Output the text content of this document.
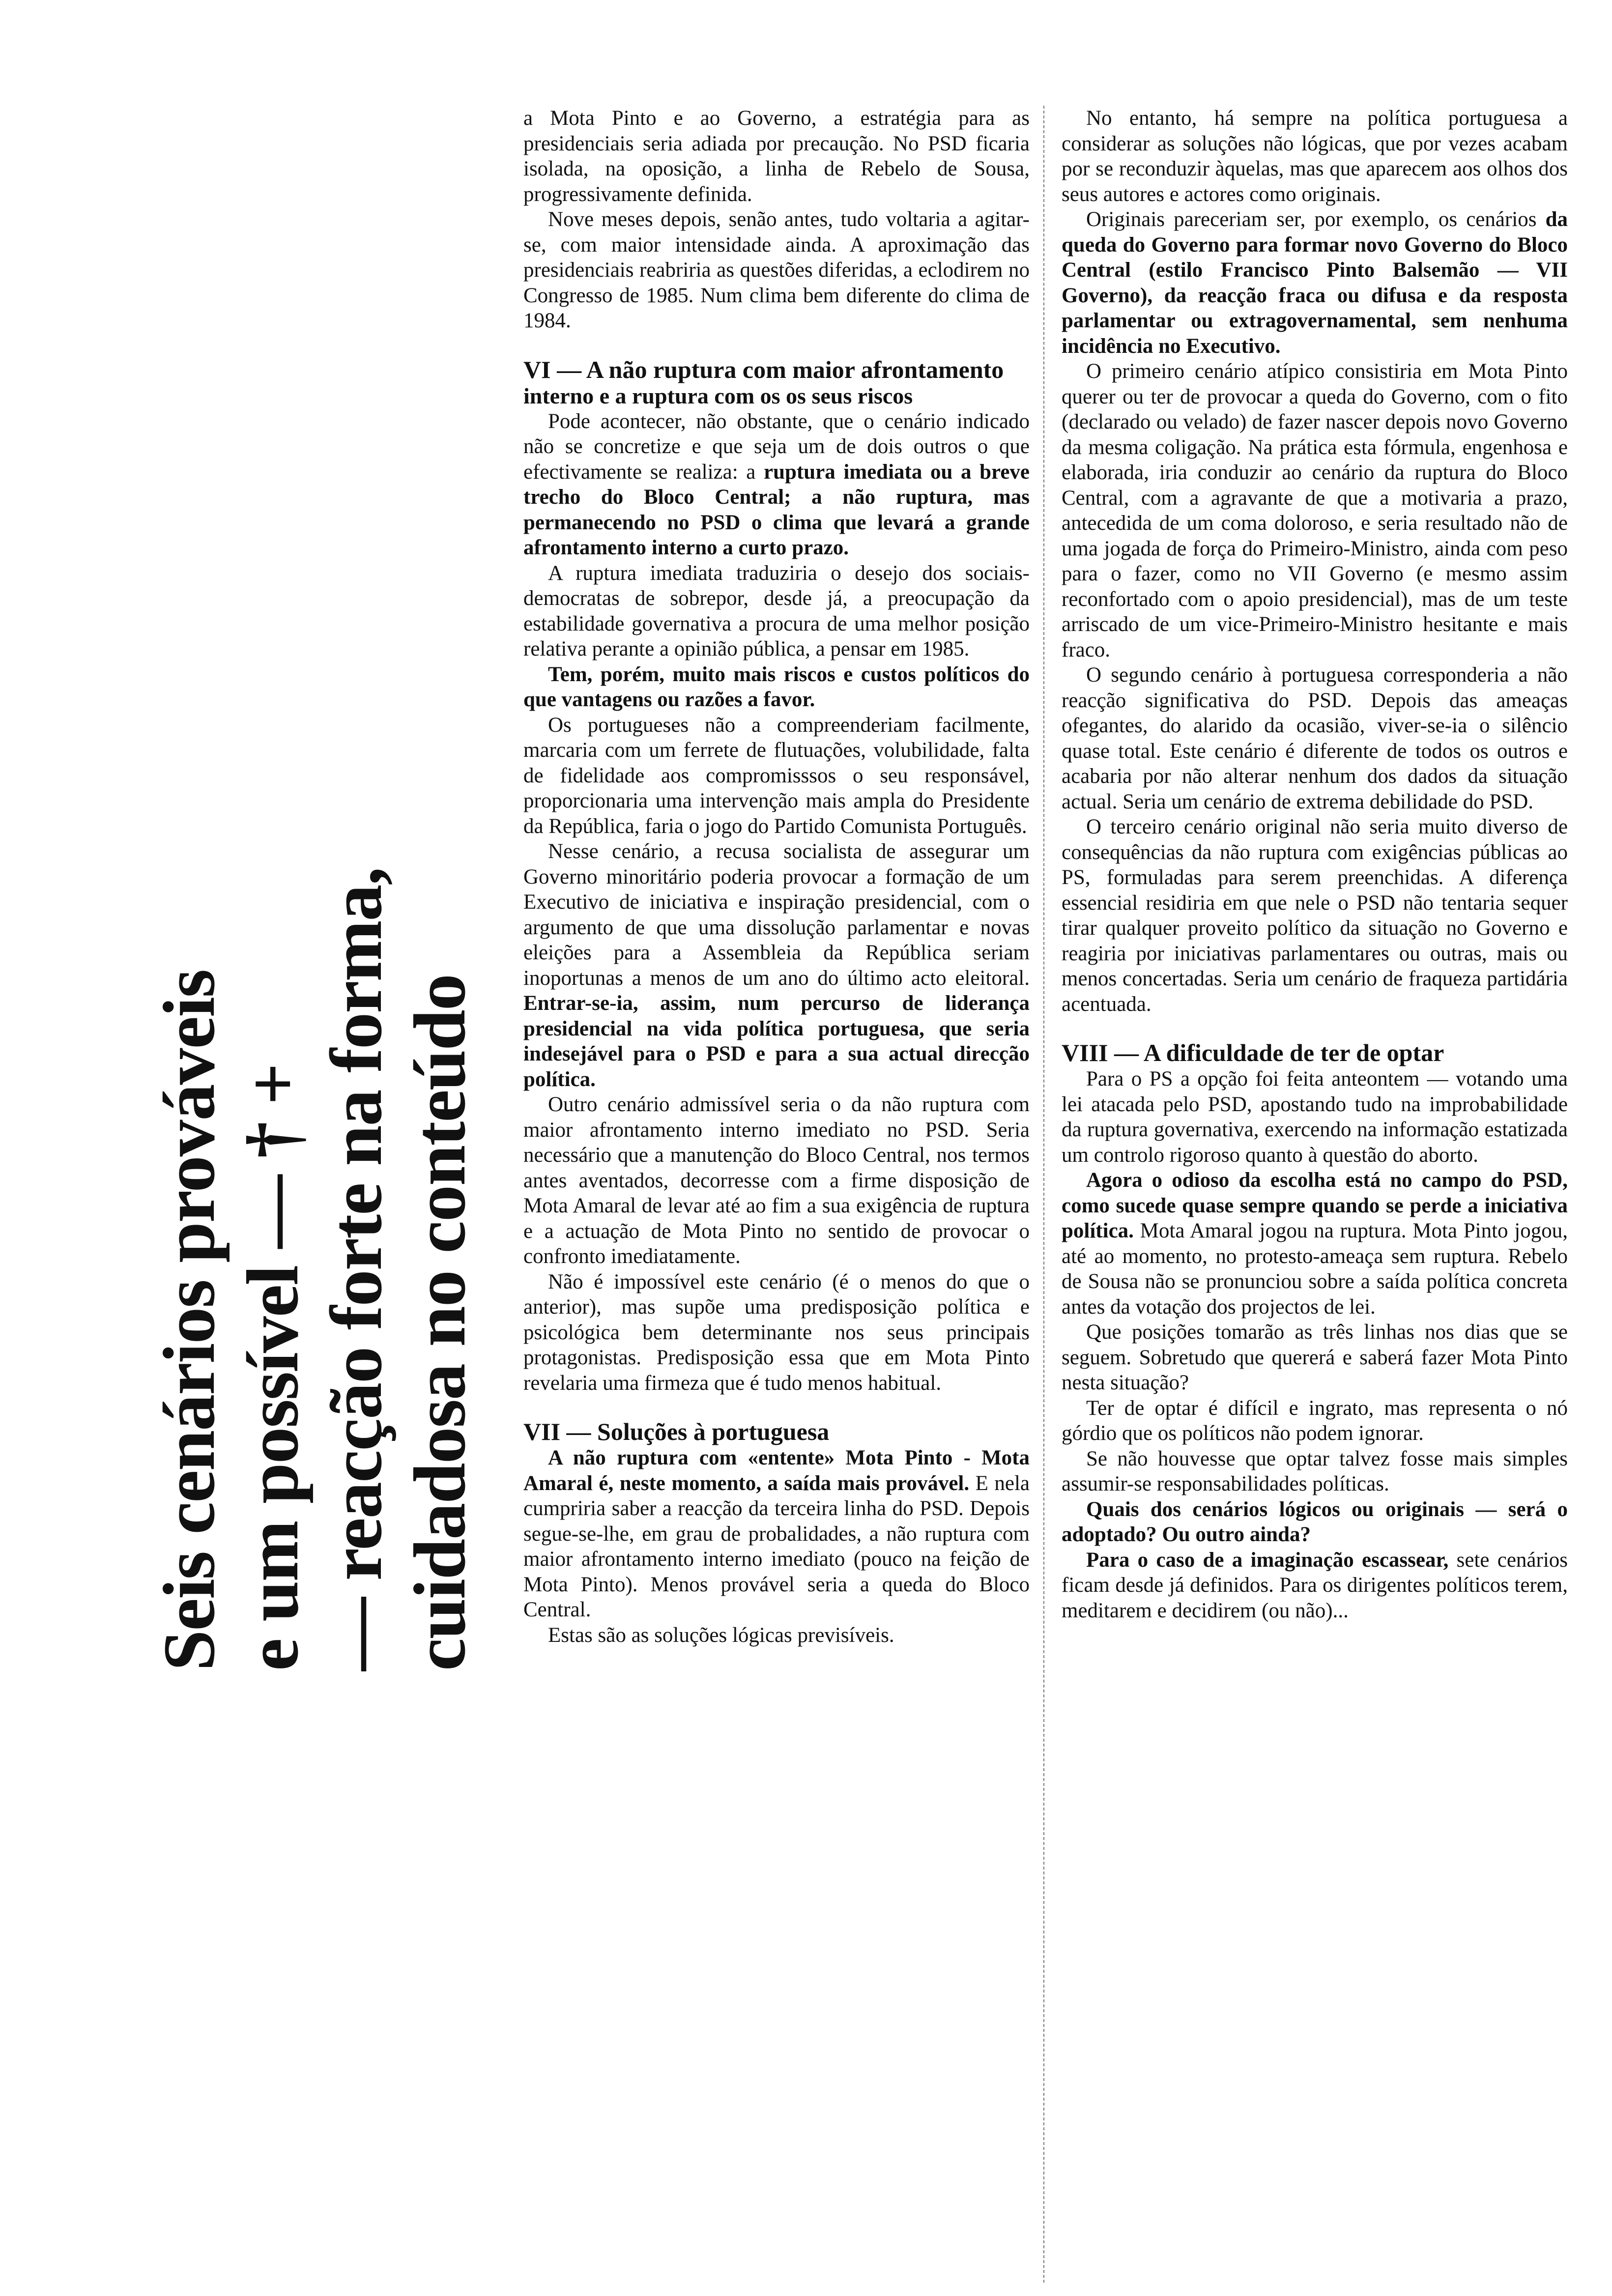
Seis cenários prováveis e um possível — † + — reacção forte na forma, cuidadosa no conteúdo

a Mota Pinto e ao Governo, a estratégia para as presidenciais seria adiada por precaução. No PSD ficaria isolada, na oposição, a linha de Rebelo de Sousa, progressivamente definida.

Nove meses depois, senão antes, tudo voltaria a agitar-se, com maior intensidade ainda. A aproximação das presidenciais reabriria as questões diferidas, a eclodirem no Congresso de 1985. Num clima bem diferente do clima de 1984.

VI — A não ruptura com maior afrontamento
interno e a ruptura com os os seus riscos

Pode acontecer, não obstante, que o cenário indicado não se concretize e que seja um de dois outros o que efectivamente se realiza: a ruptura imediata ou a breve trecho do Bloco Central; a não ruptura, mas permanecendo no PSD o clima que levará a grande afrontamento interno a curto prazo.

A ruptura imediata traduziria o desejo dos sociais-democratas de sobrepor, desde já, a preocupação da estabilidade governativa a procura de uma melhor posição relativa perante a opinião pública, a pensar em 1985.

Tem, porém, muito mais riscos e custos políticos do que vantagens ou razões a favor.

Os portugueses não a compreenderiam facilmente, marcaria com um ferrete de flutuações, volubilidade, falta de fidelidade aos compromisssos o seu responsável, proporcionaria uma intervenção mais ampla do Presidente da República, faria o jogo do Partido Comunista Português.

Nesse cenário, a recusa socialista de assegurar um Governo minoritário poderia provocar a formação de um Executivo de iniciativa e inspiração presidencial, com o argumento de que uma dissolução parlamentar e novas eleições para a Assembleia da República seriam inoportunas a menos de um ano do último acto eleitoral. Entrar-se-ia, assim, num percurso de liderança presidencial na vida política portuguesa, que seria indesejável para o PSD e para a sua actual direcção política.

Outro cenário admissível seria o da não ruptura com maior afrontamento interno imediato no PSD. Seria necessário que a manutenção do Bloco Central, nos termos antes aventados, decorresse com a firme disposição de Mota Amaral de levar até ao fim a sua exigência de ruptura e a actuação de Mota Pinto no sentido de provocar o confronto imediatamente.

Não é impossível este cenário (é o menos do que o anterior), mas supõe uma predisposição política e psicológica bem determinante nos seus principais protagonistas. Predisposição essa que em Mota Pinto revelaria uma firmeza que é tudo menos habitual.

VII — Soluções à portuguesa

A não ruptura com «entente» Mota Pinto - Mota Amaral é, neste momento, a saída mais provável. E nela cumpriria saber a reacção da terceira linha do PSD. Depois segue-se-lhe, em grau de probalidades, a não ruptura com maior afrontamento interno imediato (pouco na feição de Mota Pinto). Menos provável seria a queda do Bloco Central.

Estas são as soluções lógicas previsíveis.

No entanto, há sempre na política portuguesa a considerar as soluções não lógicas, que por vezes acabam por se reconduzir àquelas, mas que aparecem aos olhos dos seus autores e actores como originais.

Originais pareceriam ser, por exemplo, os cenários da queda do Governo para formar novo Governo do Bloco Central (estilo Francisco Pinto Balsemão — VII Governo), da reacção fraca ou difusa e da resposta parlamentar ou extragovernamental, sem nenhuma incidência no Executivo.

O primeiro cenário atípico consistiria em Mota Pinto querer ou ter de provocar a queda do Governo, com o fito (declarado ou velado) de fazer nascer depois novo Governo da mesma coligação. Na prática esta fórmula, engenhosa e elaborada, iria conduzir ao cenário da ruptura do Bloco Central, com a agravante de que a motivaria a prazo, antecedida de um coma doloroso, e seria resultado não de uma jogada de força do Primeiro-Ministro, ainda com peso para o fazer, como no VII Governo (e mesmo assim reconfortado com o apoio presidencial), mas de um teste arriscado de um vice-Primeiro-Ministro hesitante e mais fraco.

O segundo cenário à portuguesa corresponderia a não reacção significativa do PSD. Depois das ameaças ofegantes, do alarido da ocasião, viver-se-ia o silêncio quase total. Este cenário é diferente de todos os outros e acabaria por não alterar nenhum dos dados da situação actual. Seria um cenário de extrema debilidade do PSD.

O terceiro cenário original não seria muito diverso de consequências da não ruptura com exigências públicas ao PS, formuladas para serem preenchidas. A diferença essencial residiria em que nele o PSD não tentaria sequer tirar qualquer proveito político da situação no Governo e reagiria por iniciativas parlamentares ou outras, mais ou menos concertadas. Seria um cenário de fraqueza partidária acentuada.

VIII — A dificuldade de ter de optar

Para o PS a opção foi feita anteontem — votando uma lei atacada pelo PSD, apostando tudo na improbabilidade da ruptura governativa, exercendo na informação estatizada um controlo rigoroso quanto à questão do aborto.

Agora o odioso da escolha está no campo do PSD, como sucede quase sempre quando se perde a iniciativa política. Mota Amaral jogou na ruptura. Mota Pinto jogou, até ao momento, no protesto-ameaça sem ruptura. Rebelo de Sousa não se pronunciou sobre a saída política concreta antes da votação dos projectos de lei.

Que posições tomarão as três linhas nos dias que se seguem. Sobretudo que quererá e saberá fazer Mota Pinto nesta situação?

Ter de optar é difícil e ingrato, mas representa o nó górdio que os políticos não podem ignorar.

Se não houvesse que optar talvez fosse mais simples assumir-se responsabilidades políticas.

Quais dos cenários lógicos ou originais — será o adoptado? Ou outro ainda?

Para o caso de a imaginação escassear, sete cenários ficam desde já definidos. Para os dirigentes políticos terem, meditarem e decidirem (ou não)...
